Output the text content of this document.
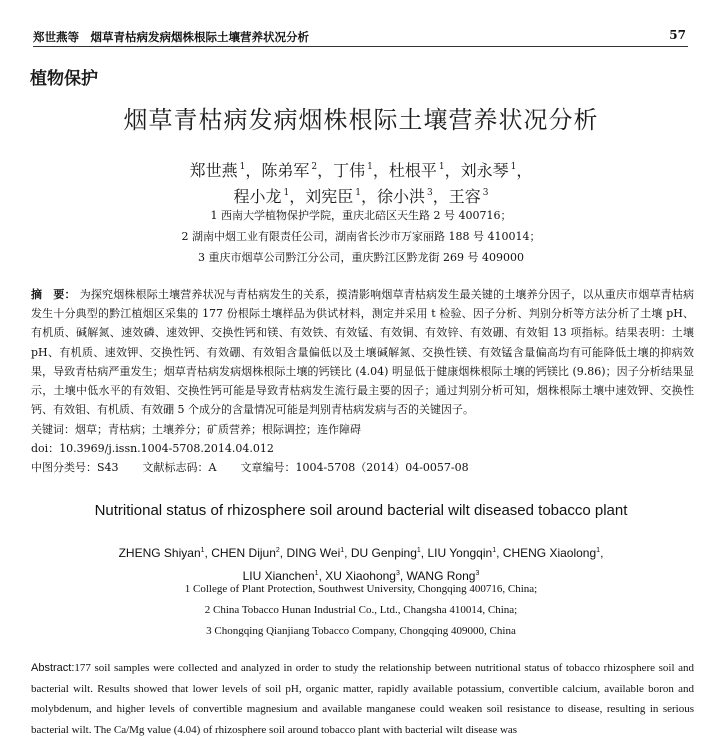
郑世燕等　烟草青枯病发病烟株根际土壤营养状况分析	57
植物保护
烟草青枯病发病烟株根际土壤营养状况分析
郑世燕 $^1$，陈弟军 $^2$，丁伟 $^1$，杜根平 $^1$，刘永琴 $^1$，
程小龙 $^1$，刘宪臣 $^1$，徐小洪 $^3$，王容 $^3$
1 西南大学植物保护学院，重庆北碚区天生路 2 号 400716；
2 湖南中烟工业有限责任公司，湖南省长沙市万家丽路 188 号 410014；
3 重庆市烟草公司黔江分公司，重庆黔江区黔龙街 269 号 409000
摘　要： 为探究烟株根际土壤营养状况与青枯病发生的关系，摸清影响烟草青枯病发生最关键的土壤养分因子，以从重庆市烟草青枯病发生十分典型的黔江植烟区采集的 177 份根际土壤样品为供试材料，测定并采用 t 检验、因子分析、判别分析等方法分析了土壤 pH、有机质、碱解氮、速效磷、速效钾、交换性钙和镁、有效铁、有效锰、有效铜、有效锌、有效硼、有效钼 13 项指标。结果表明：土壤 pH、有机质、速效钾、交换性钙、有效硼、有效钼含量偏低以及土壤碱解氮、交换性镁、有效锰含量偏高均有可能降低土壤的抑病效果，导致青枯病严重发生；烟草青枯病发病烟株根际土壤的钙镁比 (4.04) 明显低于健康烟株根际土壤的钙镁比 (9.86)；因子分析结果显示，土壤中低水平的有效钼、交换性钙可能是导致青枯病发生流行最主要的因子；通过判别分析可知，烟株根际土壤中速效钾、交换性钙、有效钼、有机质、有效硼 5 个成分的含量情况可能是判别青枯病发病与否的关键因子。
关键词：烟草；青枯病；土壤养分；矿质营养；根际调控；连作障碍
doi：10.3969/j.issn.1004-5708.2014.04.012
中图分类号：S43 文献标志码：A 文章编号：1004-5708（2014）04-0057-08
Nutritional status of rhizosphere soil around bacterial wilt diseased tobacco plant
ZHENG Shiyan$^1$, CHEN Dijun$^2$, DING Wei$^1$, DU Genping$^1$, LIU Yongqin$^1$, CHENG Xiaolong$^1$,
LIU Xianchen$^1$, XU Xiaohong$^3$, WANG Rong$^3$
1 College of Plant Protection, Southwest University, Chongqing 400716, China;
2 China Tobacco Hunan Industrial Co., Ltd., Changsha 410014, China;
3 Chongqing Qianjiang Tobacco Company, Chongqing 409000, China
Abstract:177 soil samples were collected and analyzed in order to study the relationship between nutritional status of tobacco rhizosphere soil and bacterial wilt. Results showed that lower levels of soil pH, organic matter, rapidly available potassium, convertible calcium, available boron and molybdenum, and higher levels of convertible magnesium and available manganese could weaken soil resistance to disease, resulting in serious bacterial wilt. The Ca/Mg value (4.04) of rhizosphere soil around tobacco plant with bacterial wilt disease was
